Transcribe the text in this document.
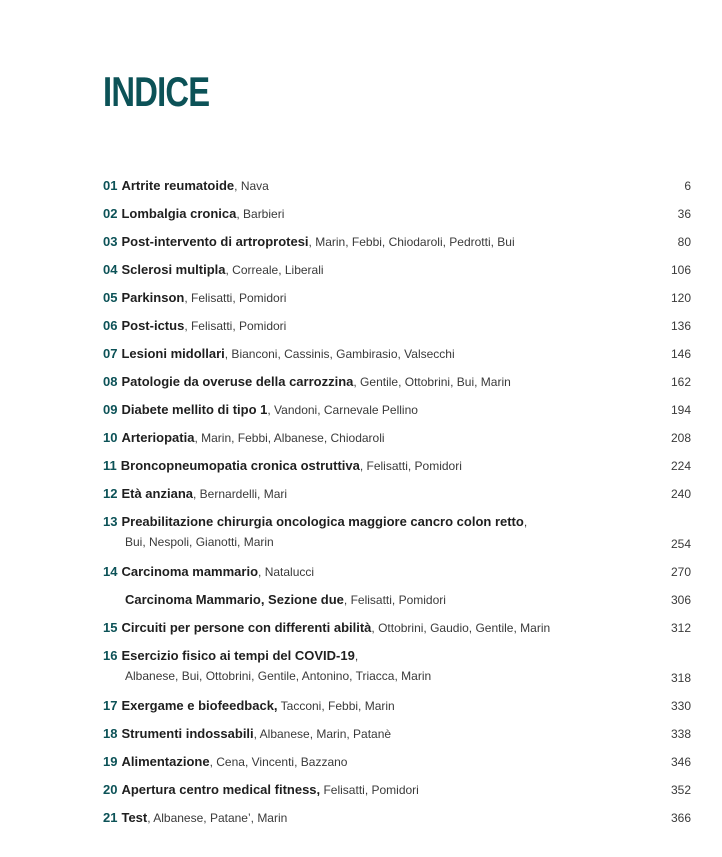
INDICE
01 Artrite reumatoide, Nava	6
02 Lombalgia cronica, Barbieri	36
03 Post-intervento di artroprotesi, Marin, Febbi, Chiodaroli, Pedrotti, Bui	80
04 Sclerosi multipla, Correale, Liberali	106
05 Parkinson, Felisatti, Pomidori	120
06 Post-ictus, Felisatti, Pomidori	136
07 Lesioni midollari, Bianconi, Cassinis, Gambirasio, Valsecchi	146
08 Patologie da overuse della carrozzina, Gentile, Ottobrini, Bui, Marin	162
09 Diabete mellito di tipo 1, Vandoni, Carnevale Pellino	194
10 Arteriopatia, Marin, Febbi, Albanese, Chiodaroli	208
11 Broncopneumopatia cronica ostruttiva, Felisatti, Pomidori	224
12 Età anziana, Bernardelli, Mari	240
13 Preabilitazione chirurgia oncologica maggiore cancro colon retto,
Bui, Nespoli, Gianotti, Marin	254
14 Carcinoma mammario, Natalucci	270
Carcinoma Mammario, Sezione due, Felisatti, Pomidori	306
15 Circuiti per persone con differenti abilità, Ottobrini, Gaudio, Gentile, Marin	312
16 Esercizio fisico ai tempi del COVID-19,
Albanese, Bui, Ottobrini, Gentile, Antonino, Triacca, Marin	318
17 Exergame e biofeedback, Tacconi, Febbi, Marin	330
18 Strumenti indossabili, Albanese, Marin, Patanè	338
19 Alimentazione, Cena, Vincenti, Bazzano	346
20 Apertura centro medical fitness, Felisatti, Pomidori	352
21 Test, Albanese, Patane’, Marin	366
